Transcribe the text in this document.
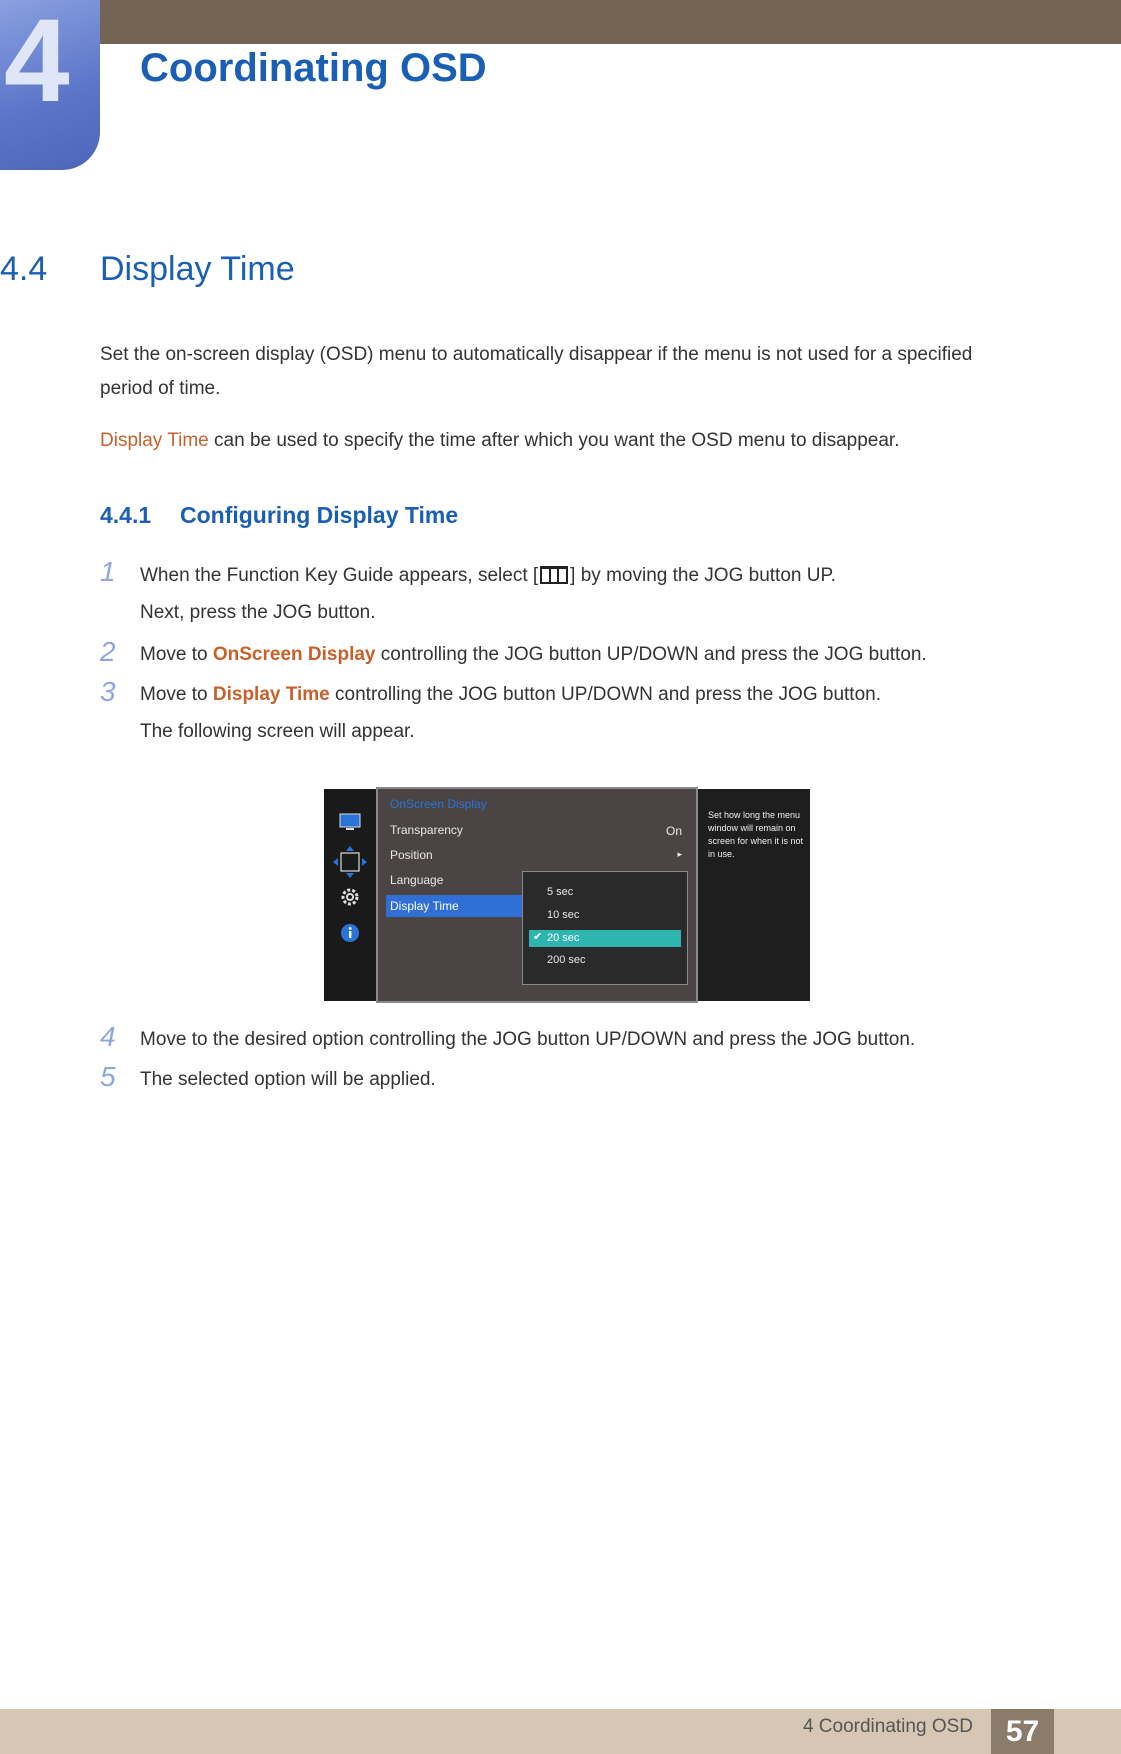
4	Coordinating OSD
4.4 Display Time
Set the on-screen display (OSD) menu to automatically disappear if the menu is not used for a specified
period of time.
Display Time can be used to specify the time after which you want the OSD menu to disappear.
4.4.1 Configuring Display Time
1 When the Function Key Guide appears, select [ ] by moving the JOG button UP.
Next, press the JOG button.
2 Move to OnScreen Display controlling the JOG button UP/DOWN and press the JOG button.
3 Move to Display Time controlling the JOG button UP/DOWN and press the JOG button.
The following screen will appear.
OnScreen Display
Transparency	On
Position	▸
Language
Display Time
5 sec
10 sec
✔ 20 sec
200 sec
Set how long the menu window will remain on screen for when it is not in use.
4 Move to the desired option controlling the JOG button UP/DOWN and press the JOG button.
5 The selected option will be applied.
4 Coordinating OSD	57
